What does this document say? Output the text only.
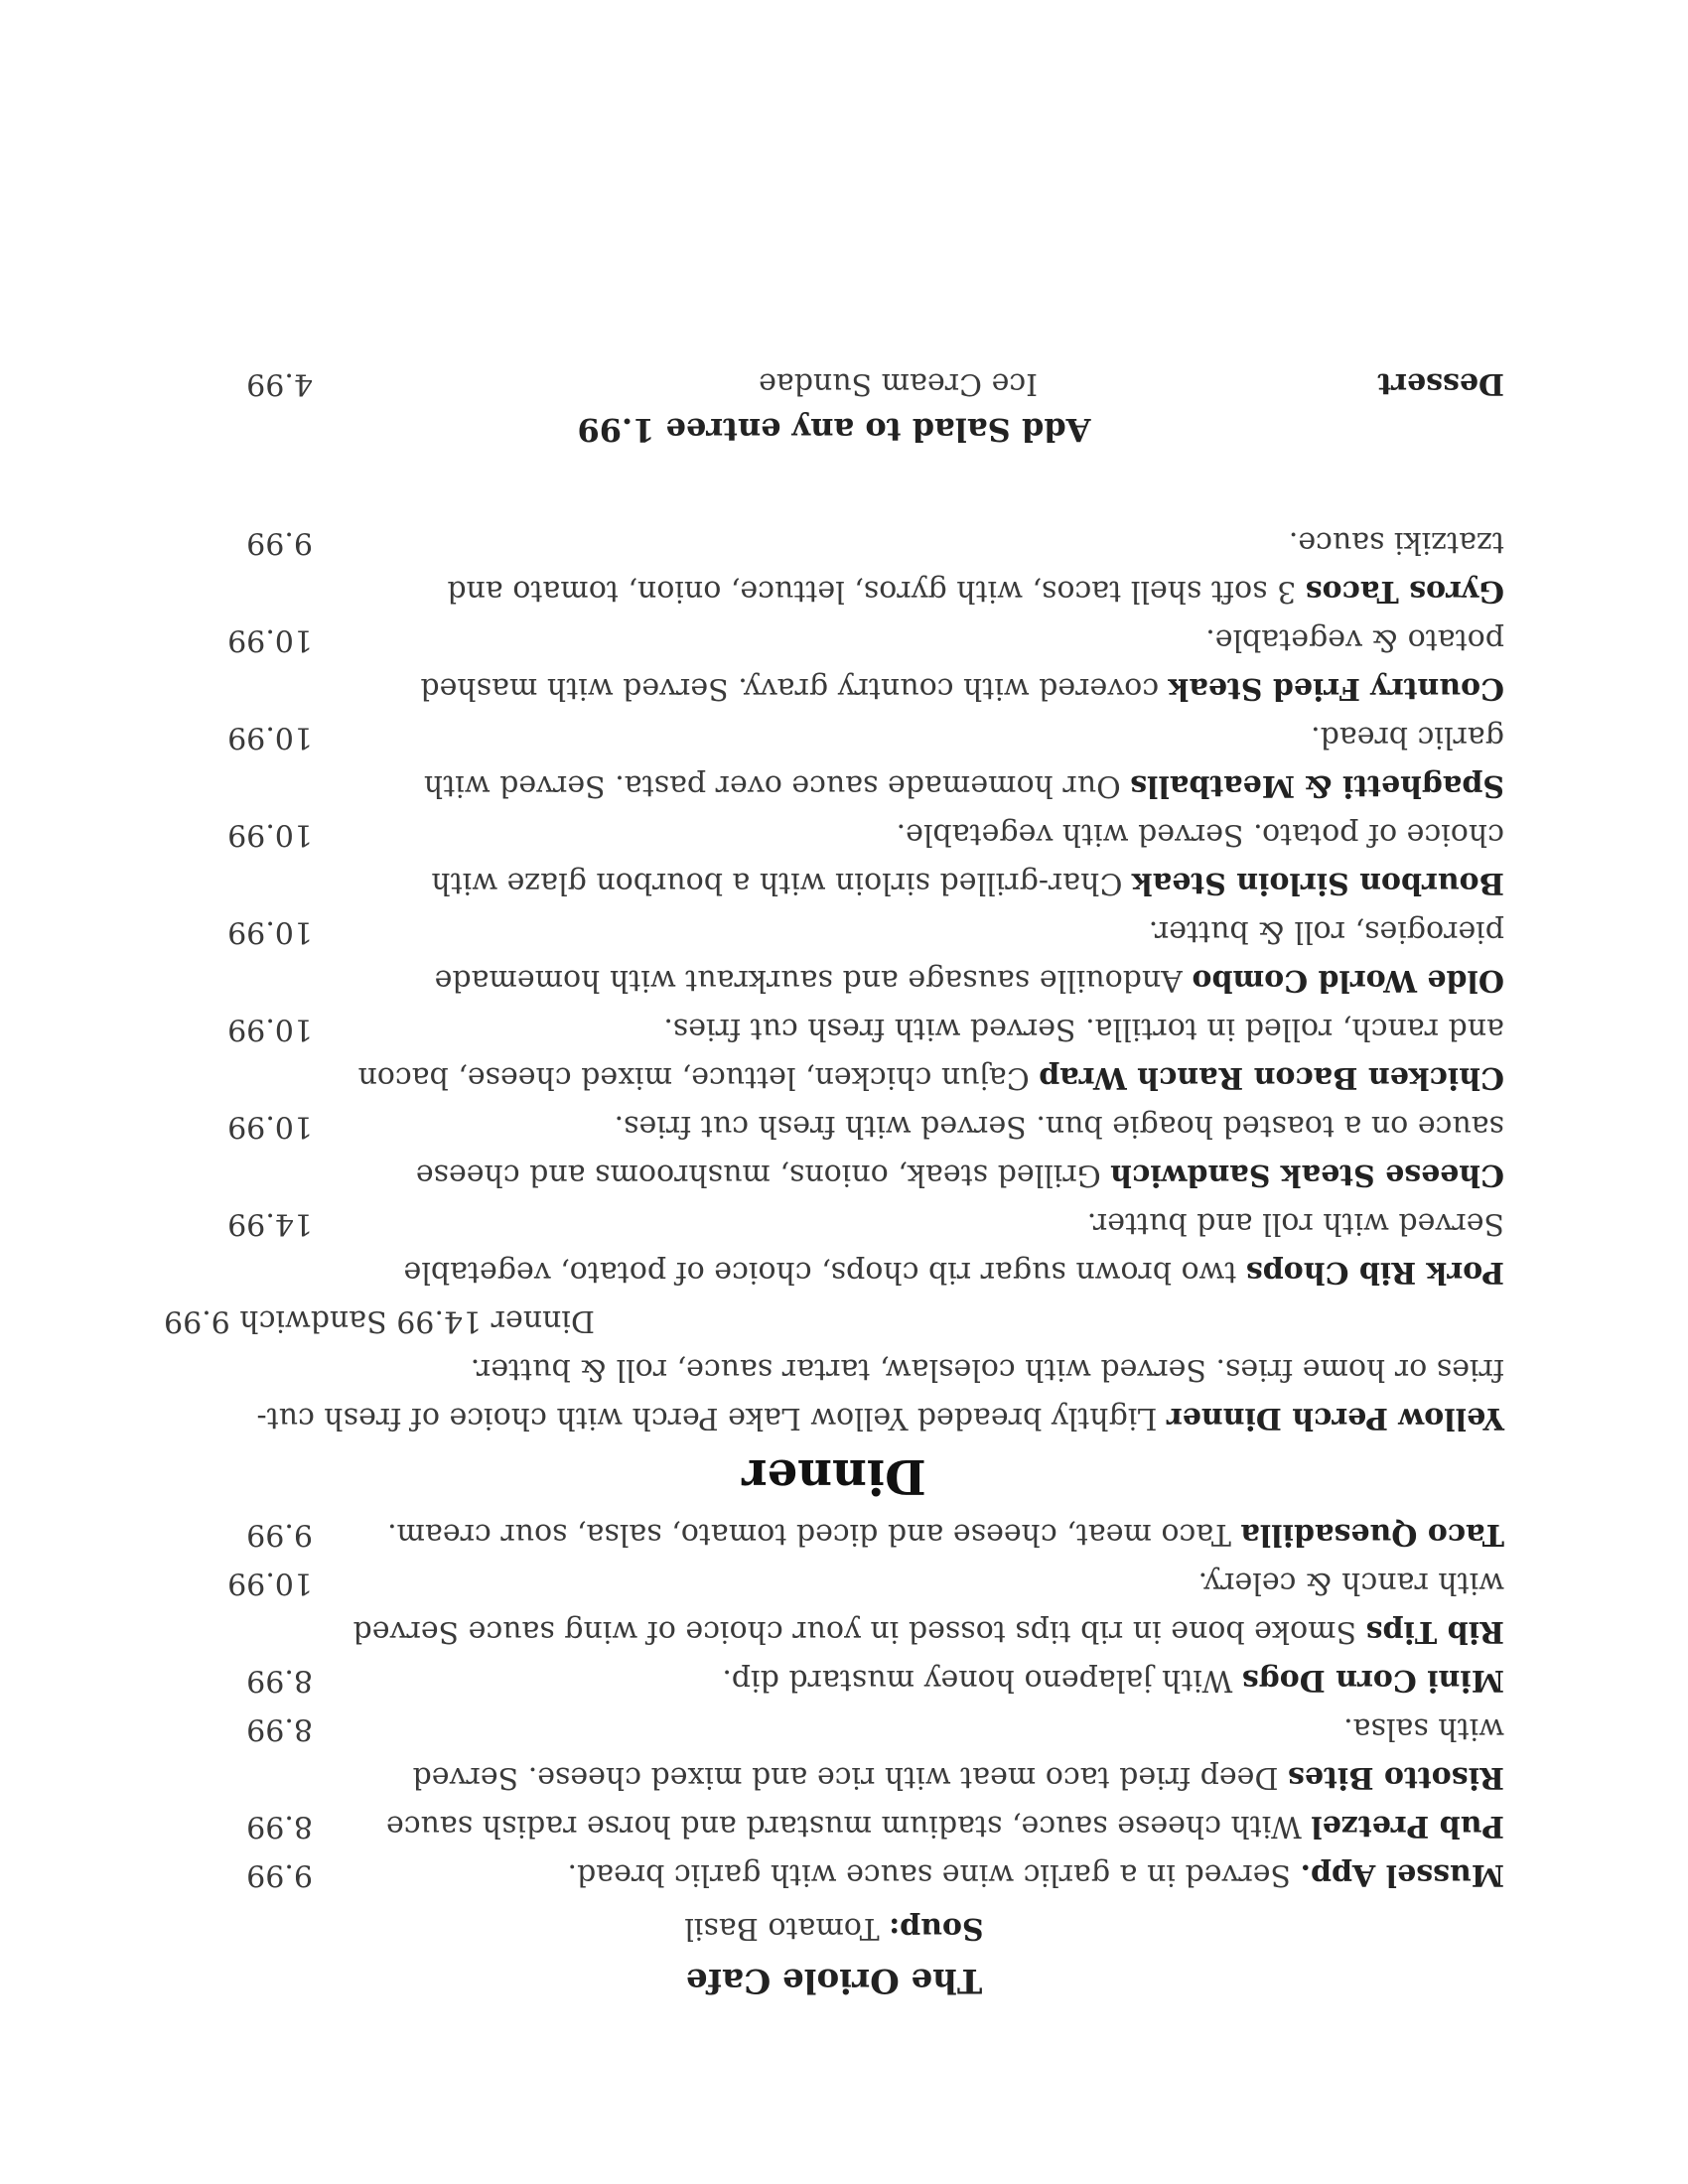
The Oriole Cafe
Soup: Tomato Basil
Mussel App. Served in a garlic wine sauce with garlic bread.
9.99
Pub Pretzel With cheese sauce, stadium mustard and horse radish sauce
8.99
Risotto Bites Deep fried taco meat with rice and mixed cheese. Served with salsa.
8.99
Mini Corn Dogs With jalapeno honey mustard dip.
8.99
Rib Tips Smoke bone in rib tips tossed in your choice of wing sauce Served with ranch & celery.
10.99
Taco Quesadilla Taco meat, cheese and diced tomato, salsa, sour cream.
9.99
Dinner
Yellow Perch Dinner Lightly breaded Yellow Lake Perch with choice of fresh cut-fries or home fries. Served with coleslaw, tartar sauce, roll & butter.
Dinner 14.99 Sandwich 9.99
Pork Rib Chops two brown sugar rib chops, choice of potato, vegetable Served with roll and butter.
14.99
Cheese Steak Sandwich Grilled steak, onions, mushrooms and cheese sauce on a toasted hoagie bun. Served with fresh cut fries.
10.99
Chicken Bacon Ranch Wrap Cajun chicken, lettuce, mixed cheese, bacon and ranch, rolled in tortilla. Served with fresh cut fries.
10.99
Olde World Combo Andouille sausage and saurkraut with homemade pierogies, roll & butter.
10.99
Bourbon Sirloin Steak Char-grilled sirloin with a bourbon glaze with choice of potato. Served with vegetable.
10.99
Spaghetti & Meatballs Our homemade sauce over pasta. Served with garlic bread.
10.99
Country Fried Steak covered with country gravy. Served with mashed potato & vegetable.
10.99
Gyros Tacos 3 soft shell tacos, with gyros, lettuce, onion, tomato and tzatziki sauce.
9.99
Add Salad to any entree 1.99
Dessert
Ice Cream Sundae
4.99
